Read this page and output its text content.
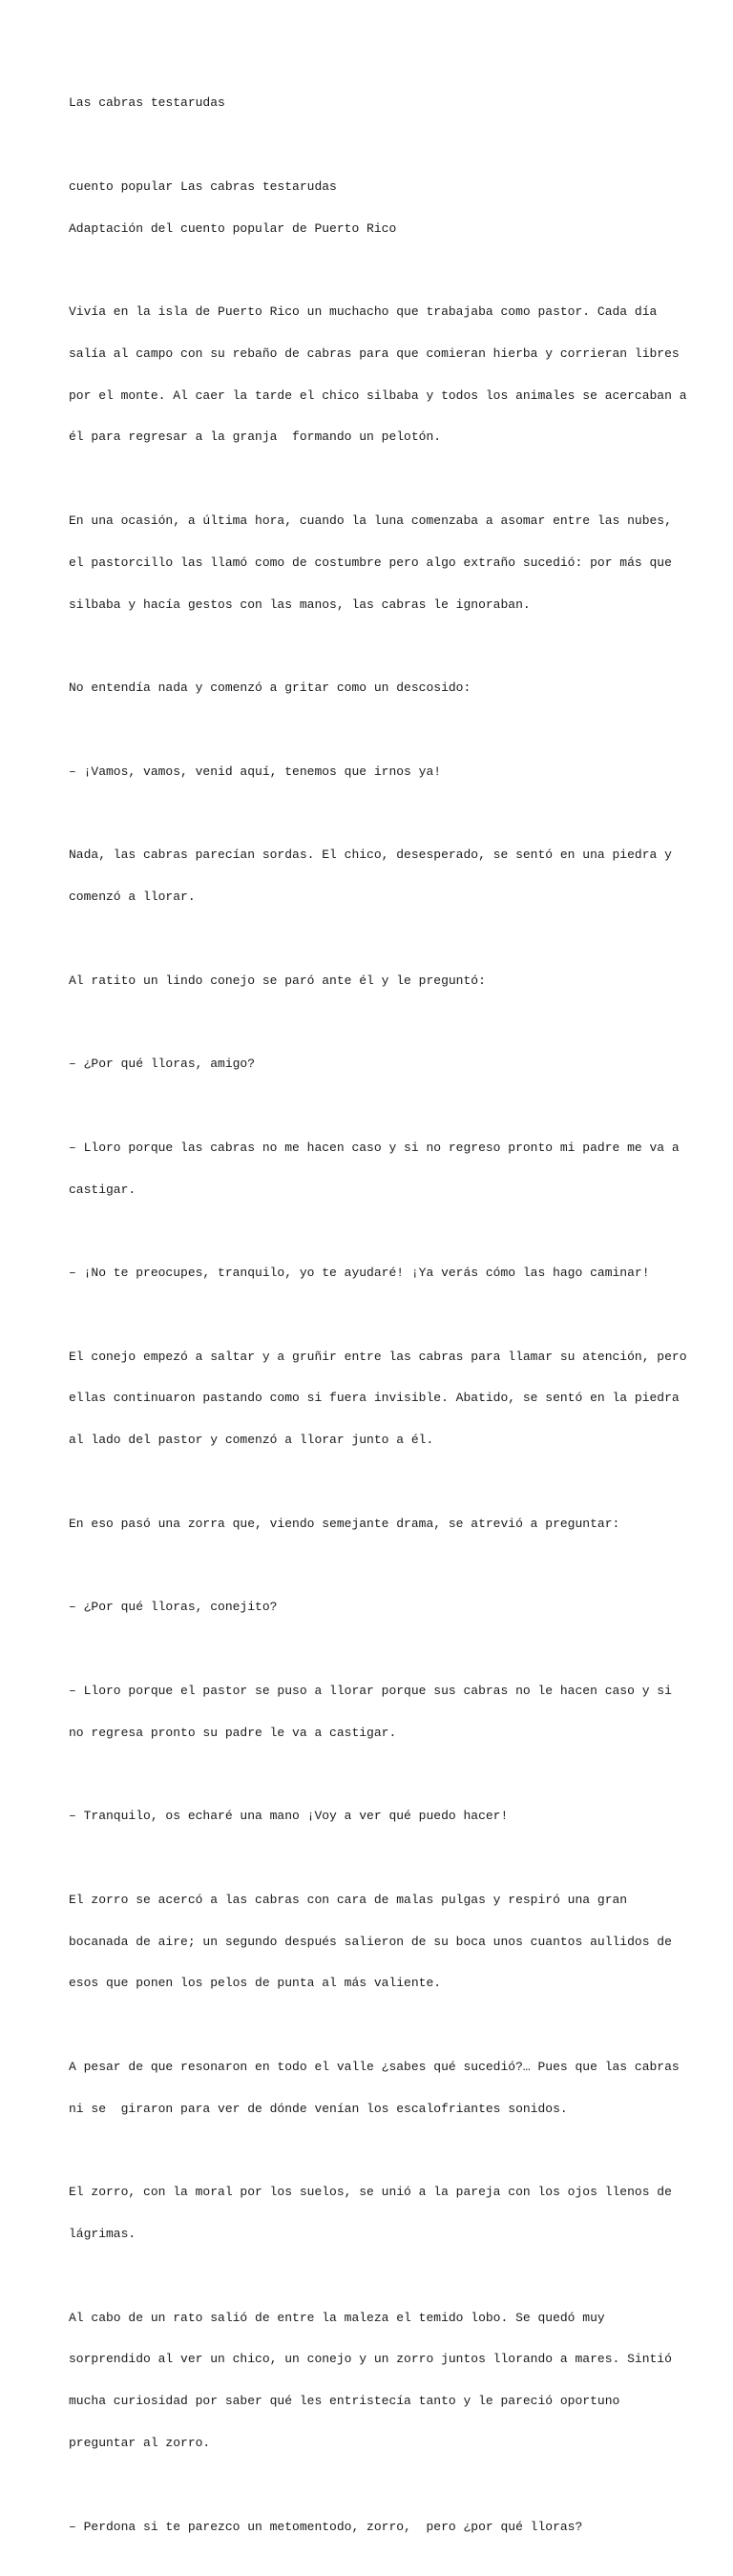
Las cabras testarudas

cuento popular Las cabras testarudas

Adaptación del cuento popular de Puerto Rico

Vivía en la isla de Puerto Rico un muchacho que trabajaba como pastor. Cada día

salía al campo con su rebaño de cabras para que comieran hierba y corrieran libres

por el monte. Al caer la tarde el chico silbaba y todos los animales se acercaban a

él para regresar a la granja  formando un pelotón.

En una ocasión, a última hora, cuando la luna comenzaba a asomar entre las nubes,

el pastorcillo las llamó como de costumbre pero algo extraño sucedió: por más que

silbaba y hacía gestos con las manos, las cabras le ignoraban.

No entendía nada y comenzó a gritar como un descosido:

– ¡Vamos, vamos, venid aquí, tenemos que irnos ya!

Nada, las cabras parecían sordas. El chico, desesperado, se sentó en una piedra y

comenzó a llorar.

Al ratito un lindo conejo se paró ante él y le preguntó:

– ¿Por qué lloras, amigo?

– Lloro porque las cabras no me hacen caso y si no regreso pronto mi padre me va a

castigar.

– ¡No te preocupes, tranquilo, yo te ayudaré! ¡Ya verás cómo las hago caminar!

El conejo empezó a saltar y a gruñir entre las cabras para llamar su atención, pero

ellas continuaron pastando como si fuera invisible. Abatido, se sentó en la piedra

al lado del pastor y comenzó a llorar junto a él.

En eso pasó una zorra que, viendo semejante drama, se atrevió a preguntar:

– ¿Por qué lloras, conejito?

– Lloro porque el pastor se puso a llorar porque sus cabras no le hacen caso y si

no regresa pronto su padre le va a castigar.

– Tranquilo, os echaré una mano ¡Voy a ver qué puedo hacer!

El zorro se acercó a las cabras con cara de malas pulgas y respiró una gran

bocanada de aire; un segundo después salieron de su boca unos cuantos aullidos de

esos que ponen los pelos de punta al más valiente.

A pesar de que resonaron en todo el valle ¿sabes qué sucedió?… Pues que las cabras

ni se  giraron para ver de dónde venían los escalofriantes sonidos.

El zorro, con la moral por los suelos, se unió a la pareja con los ojos llenos de

lágrimas.

Al cabo de un rato salió de entre la maleza el temido lobo. Se quedó muy

sorprendido al ver un chico, un conejo y un zorro juntos llorando a mares. Sintió

mucha curiosidad por saber qué les entristecía tanto y le pareció oportuno

preguntar al zorro.

– Perdona si te parezco un metomentodo, zorro,  pero ¿por qué lloras?
